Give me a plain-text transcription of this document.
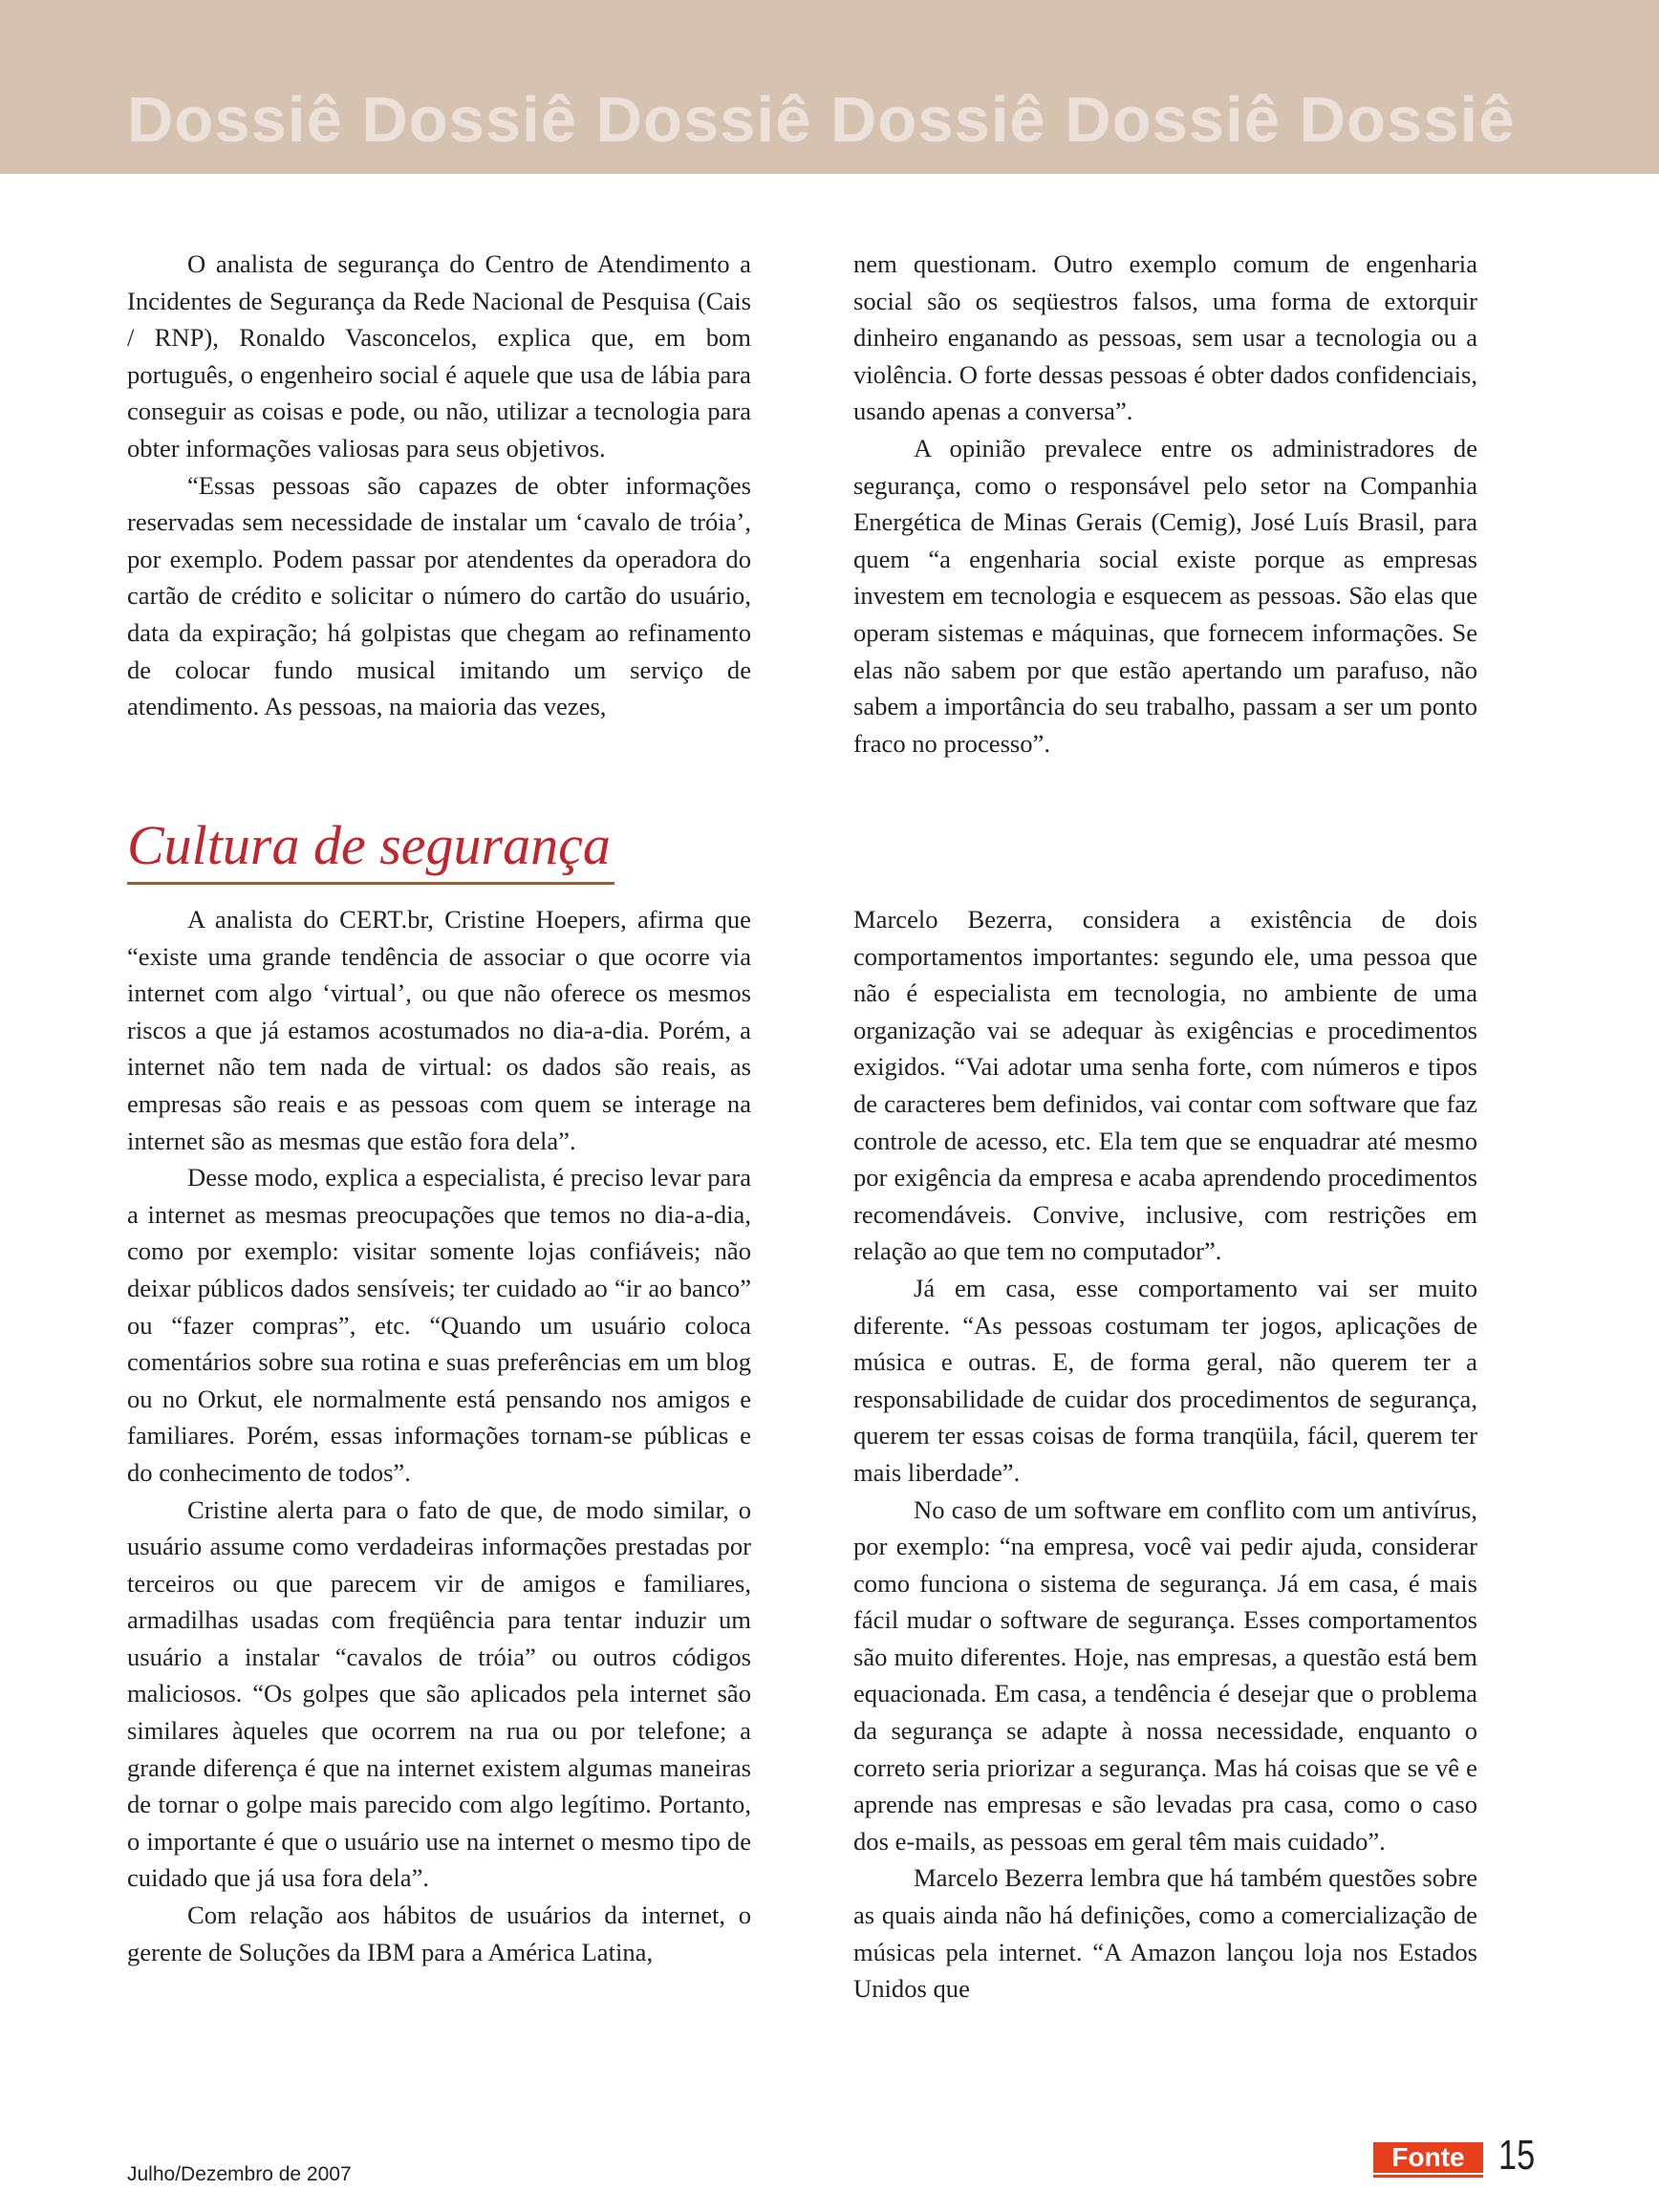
Dossiê Dossiê Dossiê Dossiê Dossiê Dossiê

O analista de segurança do Centro de Atendimento a Incidentes de Segurança da Rede Nacional de Pesquisa (Cais / RNP), Ronaldo Vasconcelos, explica que, em bom português, o engenheiro social é aquele que usa de lábia para conseguir as coisas e pode, ou não, utilizar a tecnologia para obter informações valiosas para seus objetivos.

“Essas pessoas são capazes de obter informações reservadas sem necessidade de instalar um ‘cavalo de tróia’, por exemplo. Podem passar por atendentes da operadora do cartão de crédito e solicitar o número do cartão do usuário, data da expiração; há golpistas que chegam ao refinamento de colocar fundo musical imitando um serviço de atendimento. As pessoas, na maioria das vezes,

nem questionam. Outro exemplo comum de engenharia social são os seqüestros falsos, uma forma de extorquir dinheiro enganando as pessoas, sem usar a tecnologia ou a violência. O forte dessas pessoas é obter dados confidenciais, usando apenas a conversa”.

A opinião prevalece entre os administradores de segurança, como o responsável pelo setor na Companhia Energética de Minas Gerais (Cemig), José Luís Brasil, para quem “a engenharia social existe porque as empresas investem em tecnologia e esquecem as pessoas. São elas que operam sistemas e máquinas, que fornecem informações. Se elas não sabem por que estão apertando um parafuso, não sabem a importância do seu trabalho, passam a ser um ponto fraco no processo”.

Cultura de segurança

A analista do CERT.br, Cristine Hoepers, afirma que “existe uma grande tendência de associar o que ocorre via internet com algo ‘virtual’, ou que não oferece os mesmos riscos a que já estamos acostumados no dia-a-dia. Porém, a internet não tem nada de virtual: os dados são reais, as empresas são reais e as pessoas com quem se interage na internet são as mesmas que estão fora dela”.

Desse modo, explica a especialista, é preciso levar para a internet as mesmas preocupações que temos no dia-a-dia, como por exemplo: visitar somente lojas confiáveis; não deixar públicos dados sensíveis; ter cuidado ao “ir ao banco” ou “fazer compras”, etc. “Quando um usuário coloca comentários sobre sua rotina e suas preferências em um blog ou no Orkut, ele normalmente está pensando nos amigos e familiares. Porém, essas informações tornam-se públicas e do conhecimento de todos”.

Cristine alerta para o fato de que, de modo similar, o usuário assume como verdadeiras informações prestadas por terceiros ou que parecem vir de amigos e familiares, armadilhas usadas com freqüência para tentar induzir um usuário a instalar “cavalos de tróia” ou outros códigos maliciosos. “Os golpes que são aplicados pela internet são similares àqueles que ocorrem na rua ou por telefone; a grande diferença é que na internet existem algumas maneiras de tornar o golpe mais parecido com algo legítimo. Portanto, o importante é que o usuário use na internet o mesmo tipo de cuidado que já usa fora dela”.

Com relação aos hábitos de usuários da internet, o gerente de Soluções da IBM para a América Latina,

Marcelo Bezerra, considera a existência de dois comportamentos importantes: segundo ele, uma pessoa que não é especialista em tecnologia, no ambiente de uma organização vai se adequar às exigências e procedimentos exigidos. “Vai adotar uma senha forte, com números e tipos de caracteres bem definidos, vai contar com software que faz controle de acesso, etc. Ela tem que se enquadrar até mesmo por exigência da empresa e acaba aprendendo procedimentos recomendáveis. Convive, inclusive, com restrições em relação ao que tem no computador”.

Já em casa, esse comportamento vai ser muito diferente. “As pessoas costumam ter jogos, aplicações de música e outras. E, de forma geral, não querem ter a responsabilidade de cuidar dos procedimentos de segurança, querem ter essas coisas de forma tranqüila, fácil, querem ter mais liberdade”.

No caso de um software em conflito com um antivírus, por exemplo: “na empresa, você vai pedir ajuda, considerar como funciona o sistema de segurança. Já em casa, é mais fácil mudar o software de segurança. Esses comportamentos são muito diferentes. Hoje, nas empresas, a questão está bem equacionada. Em casa, a tendência é desejar que o problema da segurança se adapte à nossa necessidade, enquanto o correto seria priorizar a segurança. Mas há coisas que se vê e aprende nas empresas e são levadas pra casa, como o caso dos e-mails, as pessoas em geral têm mais cuidado”.

Marcelo Bezerra lembra que há também questões sobre as quais ainda não há definições, como a comercialização de músicas pela internet. “A Amazon lançou loja nos Estados Unidos que

Julho/Dezembro de 2007
Fonte 15
